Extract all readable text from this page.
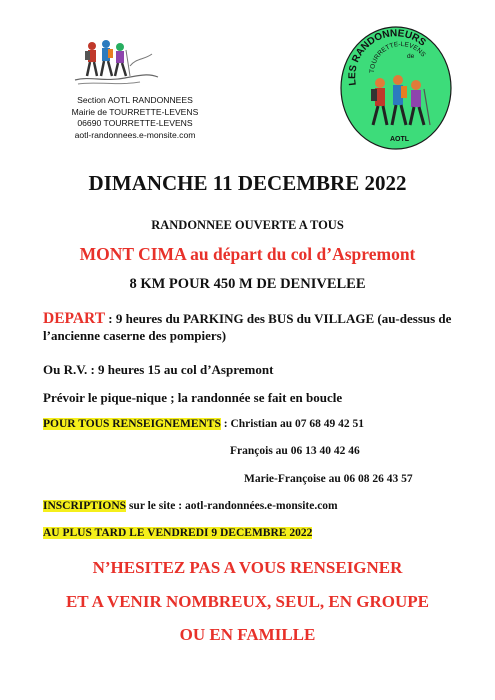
Section AOTL RANDONNEES
Mairie de TOURRETTE-LEVENS
06690 TOURRETTE-LEVENS
aotl-randonnees.e-monsite.com
LES RANDONNEURS
de
TOURRETTE-LEVENS
AOTL
DIMANCHE 11 DECEMBRE 2022
RANDONNEE OUVERTE A TOUS
MONT CIMA au départ du col d’Aspremont
8 KM POUR 450 M DE DENIVELEE
DEPART : 9 heures du PARKING des BUS du VILLAGE (au-dessus de l’ancienne caserne des pompiers)
Ou R.V. : 9 heures 15 au col d’Aspremont
Prévoir le pique-nique ; la randonnée se fait en boucle
POUR TOUS RENSEIGNEMENTS : Christian au 07 68 49 42 51
François au 06 13 40 42 46
Marie-Françoise au 06 08 26 43 57
INSCRIPTIONS sur le site : aotl-randonnées.e-monsite.com
AU PLUS TARD LE VENDREDI 9 DECEMBRE 2022
N’HESITEZ PAS A VOUS RENSEIGNER
ET A VENIR NOMBREUX, SEUL, EN GROUPE
OU EN FAMILLE
